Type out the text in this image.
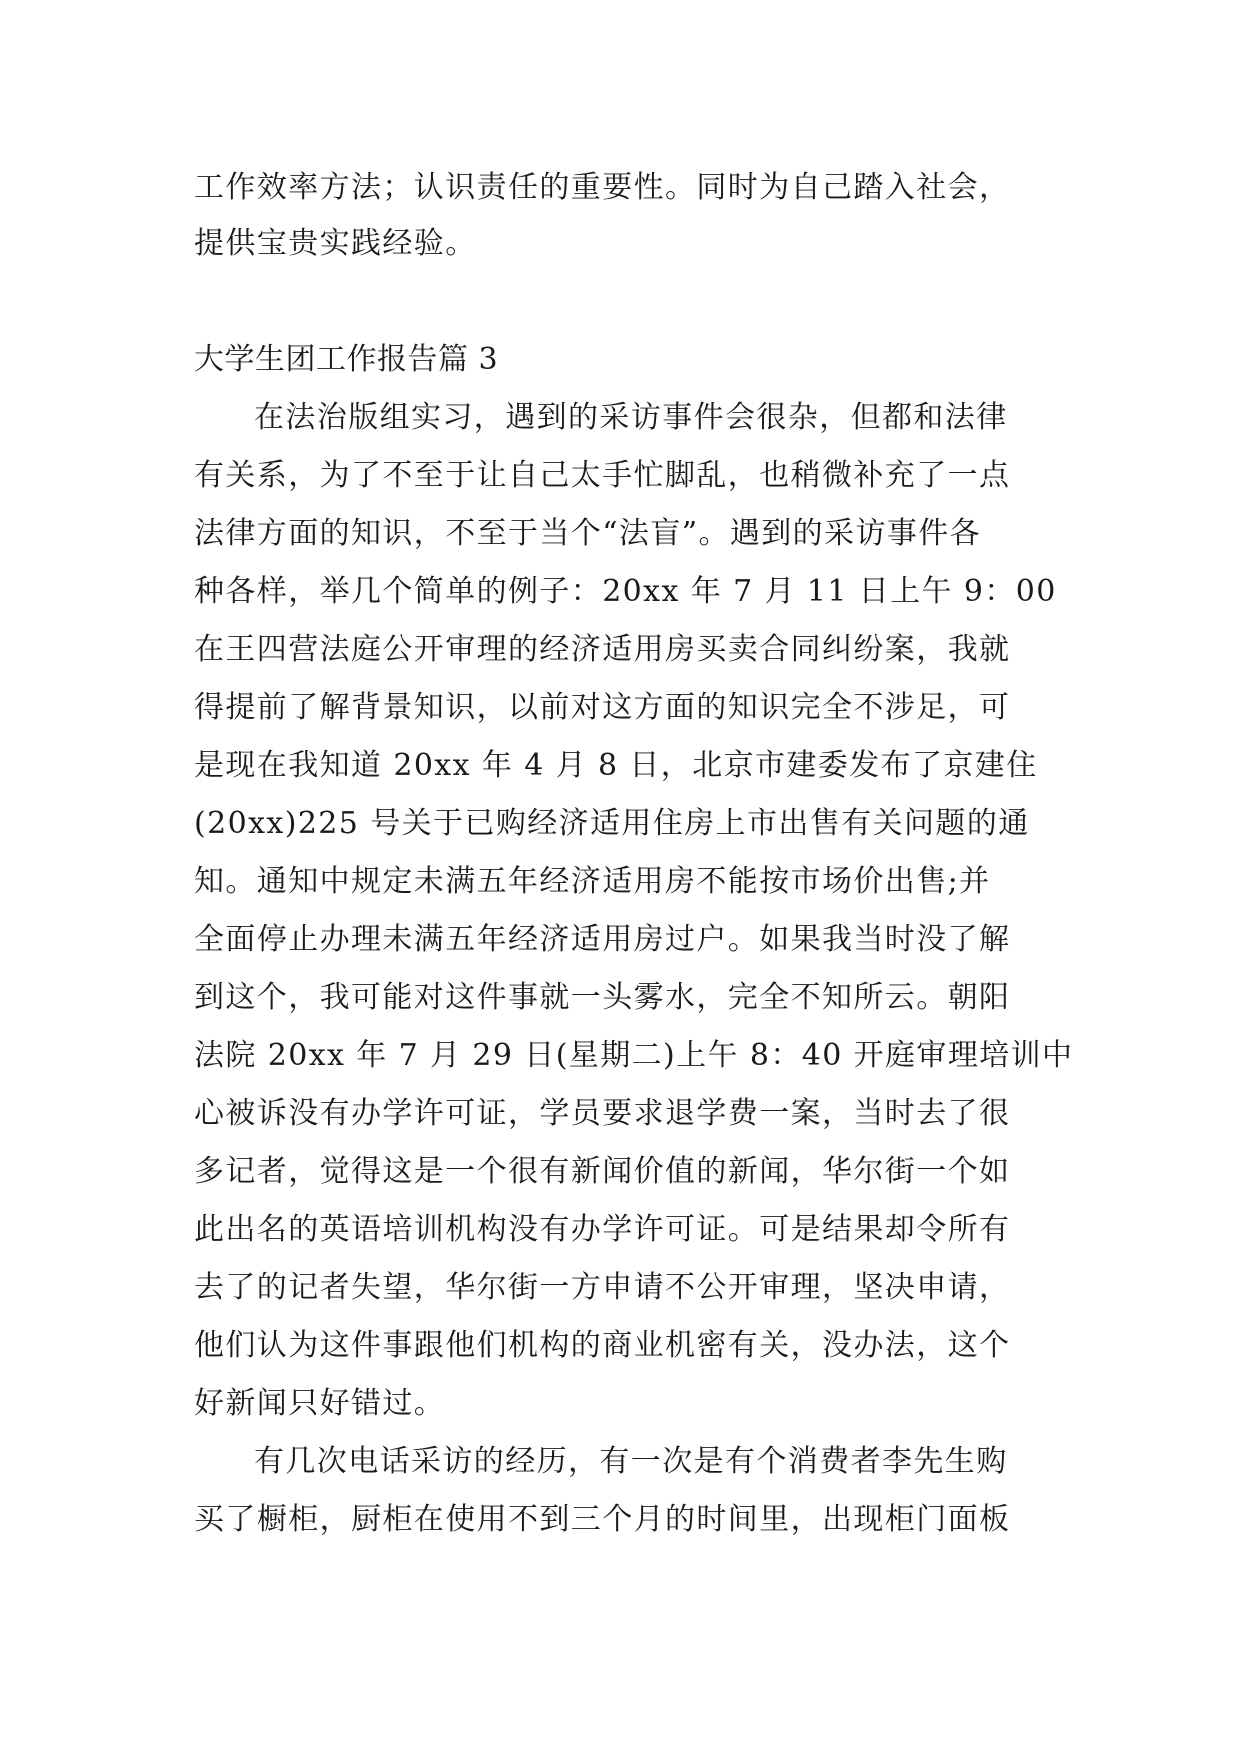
工作效率方法；认识责任的重要性。同时为自己踏入社会，
提供宝贵实践经验。
大学生团工作报告篇 3
在法治版组实习，遇到的采访事件会很杂，但都和法律
有关系，为了不至于让自己太手忙脚乱，也稍微补充了一点
法律方面的知识，不至于当个“法盲”。遇到的采访事件各
种各样，举几个简单的例子：20xx 年 7 月 11 日上午 9：00
在王四营法庭公开审理的经济适用房买卖合同纠纷案，我就
得提前了解背景知识，以前对这方面的知识完全不涉足，可
是现在我知道 20xx 年 4 月 8 日，北京市建委发布了京建住
(20xx)225 号关于已购经济适用住房上市出售有关问题的通
知。通知中规定未满五年经济适用房不能按市场价出售;并
全面停止办理未满五年经济适用房过户。如果我当时没了解
到这个，我可能对这件事就一头雾水，完全不知所云。朝阳
法院 20xx 年 7 月 29 日(星期二)上午 8：40 开庭审理培训中
心被诉没有办学许可证，学员要求退学费一案，当时去了很
多记者，觉得这是一个很有新闻价值的新闻，华尔街一个如
此出名的英语培训机构没有办学许可证。可是结果却令所有
去了的记者失望，华尔街一方申请不公开审理，坚决申请，
他们认为这件事跟他们机构的商业机密有关，没办法，这个
好新闻只好错过。
有几次电话采访的经历，有一次是有个消费者李先生购
买了橱柜，厨柜在使用不到三个月的时间里，出现柜门面板
